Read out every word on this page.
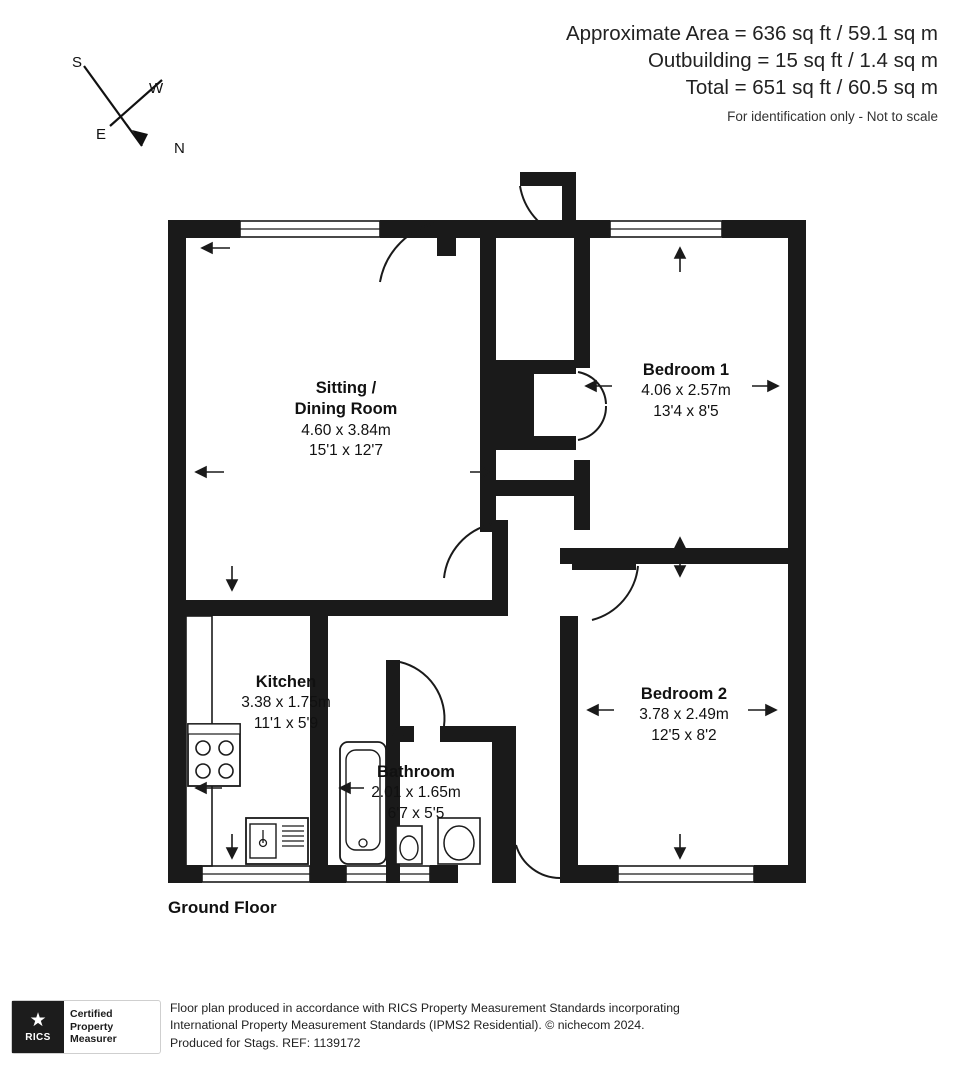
Approximate Area = 636 sq ft / 59.1 sq m
Outbuilding = 15 sq ft / 1.4 sq m
Total = 651 sq ft / 60.5 sq m
For identification only - Not to scale
S
W
N
E
Sitting /
Dining Room
4.60 x 3.84m
15'1 x 12'7
Bedroom 1
4.06 x 2.57m
13'4 x 8'5
Bedroom 2
3.78 x 2.49m
12'5 x 8'2
Kitchen
3.38 x 1.75m
11'1 x 5'9
Bathroom
2.01 x 1.65m
6'7 x 5'5
Ground Floor
★
RICS
Certified
Property
Measurer
Floor plan produced in accordance with RICS Property Measurement Standards incorporating
International Property Measurement Standards (IPMS2 Residential). © nichecom 2024.
Produced for Stags. REF: 1139172
